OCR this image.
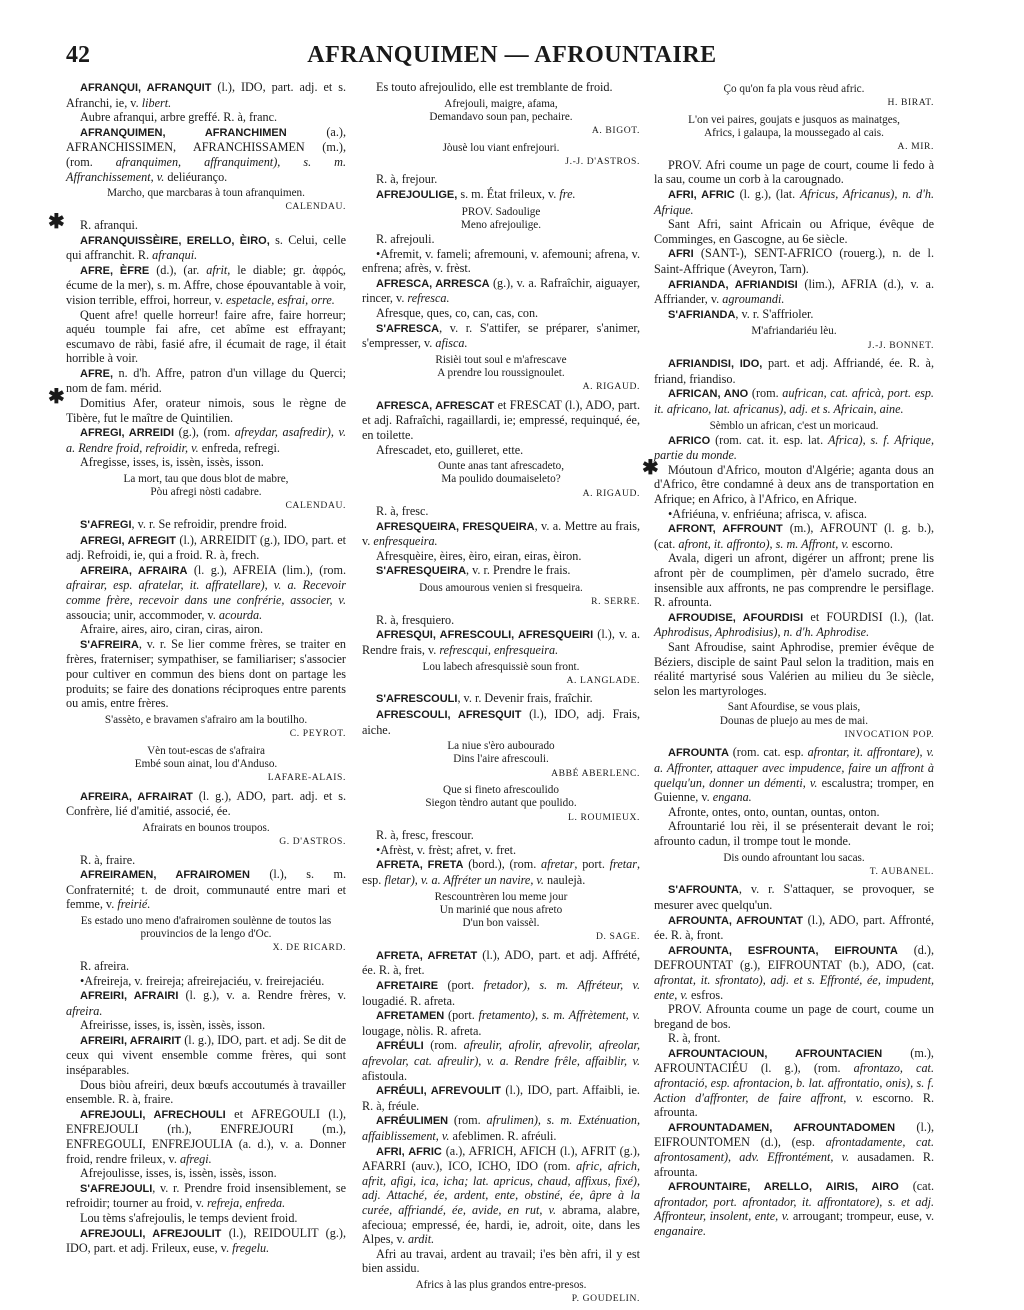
42	AFRANQUIMEN — AFROUNTAIRE
✱
✱
✱
AFRANQUI, AFRANQUIT (l.), IDO, part. adj. et s. Afranchi, ie, v. libert.
Aubre afranqui, arbre greffé. R. à, franc.
AFRANQUIMEN, AFRANCHIMEN (a.), AFRANCHISSIMEN, AFRANCHISSAMEN (m.), (rom. afranquimen, affranquiment), s. m. Affranchissement, v. deliéuranço.
Marcho, que marcbaras à toun afranquimen.
CALENDAU.
R. afranqui.
AFRANQUISSÈIRE, ERELLO, ÈIRO, s. Celui, celle qui affranchit. R. afranqui.
AFRE, ÈFRE (d.), (ar. afrit, le diable; gr. ἀφρός, écume de la mer), s. m. Affre, chose épouvantable à voir, vision terrible, effroi, horreur, v. espetacle, esfrai, orre.
Quent afre! quelle horreur! faire afre, faire horreur; aquéu toumple fai afre, cet abîme est effrayant; escumavo de ràbi, fasié afre, il écumait de rage, il était horrible à voir.
AFRE, n. d'h. Affre, patron d'un village du Querci; nom de fam. mérid.
Domitius Afer, orateur nimois, sous le règne de Tibère, fut le maître de Quintilien.
AFREGI, ARREIDI (g.), (rom. afreydar, asafredir), v. a. Rendre froid, refroidir, v. enfreda, refregi.
Afregisse, isses, is, issèn, issès, isson.
La mort, tau que dous blot de mabre,
Pòu afregi nòsti cadabre.
CALENDAU.
S'AFREGI, v. r. Se refroidir, prendre froid.
AFREGI, AFREGIT (l.), ARREIDIT (g.), IDO, part. et adj. Refroidi, ie, qui a froid. R. à, frech.
AFREIRA, AFRAIRA (l. g.), AFREIA (lim.), (rom. afrairar, esp. afratelar, it. affratellare), v. a. Recevoir comme frère, recevoir dans une confrérie, associer, v. assoucia; unir, accommoder, v. acourda.
Afraire, aires, airo, ciran, ciras, airon.
S'AFREIRA, v. r. Se lier comme frères, se traiter en frères, fraterniser; sympathiser, se familiariser; s'associer pour cultiver en commun des biens dont on partage les produits; se faire des donations réciproques entre parents ou amis, entre frères.
S'assèto, e bravamen s'afrairo am la boutilho.
C. PEYROT.
Vèn tout-escas de s'afraira
Embé soun ainat, lou d'Anduso.
LAFARE-ALAIS.
AFREIRA, AFRAIRAT (l. g.), ADO, part. adj. et s. Confrère, lié d'amitié, associé, ée.
Afrairats en bounos troupos.
G. D'ASTROS.
R. à, fraire.
AFREIRAMEN, AFRAIROMEN (l.), s. m. Confraternité; t. de droit, communauté entre mari et femme, v. freirié.
Es estado uno meno d'afrairomen soulènne de toutos las prouvincios de la lengo d'Oc.
X. DE RICARD.
R. afreira.
•Afreireja, v. freireja; afreirejaciéu, v. freirejaciéu.
AFREIRI, AFRAIRI (l. g.), v. a. Rendre frères, v. afreira.
Afreirisse, isses, is, issèn, issès, isson.
AFREIRI, AFRAIRIT (l. g.), IDO, part. et adj. Se dit de ceux qui vivent ensemble comme frères, qui sont inséparables.
Dous biòu afreiri, deux bœufs accoutumés à travailler ensemble. R. à, fraire.
AFREJOULI, AFRECHOULI et AFREGOULI (l.), ENFREJOULI (rh.), ENFREJOURI (m.), ENFREGOULI, ENFREJOULIA (a. d.), v. a. Donner froid, rendre frileux, v. afregi.
Afrejoulisse, isses, is, issèn, issès, isson.
S'AFREJOULI, v. r. Prendre froid insensiblement, se refroidir; tourner au froid, v. refreja, enfreda.
Lou tèms s'afrejoulis, le temps devient froid.
AFREJOULI, AFREJOULIT (l.), REIDOULIT (g.), IDO, part. et adj. Frileux, euse, v. fregelu.
Es touto afrejoulido, elle est tremblante de froid.
Afrejouli, maigre, afama,
Demandavo soun pan, pechaire.
A. BIGOT.
Jòusè lou viant enfrejouri.
J.-J. D'ASTROS.
R. à, frejour.
AFREJOULIGE, s. m. État frileux, v. fre.
PROV. Sadoulige
Meno afrejoulige.
R. afrejouli.
•Afremit, v. fameli; afremouni, v. afemouni; afrena, v. enfrena; afrès, v. frèst.
AFRESCA, ARRESCA (g.), v. a. Rafraîchir, aiguayer, rincer, v. refresca.
Afresque, ques, co, can, cas, con.
S'AFRESCA, v. r. S'attifer, se préparer, s'animer, s'empresser, v. afisca.
Risièi tout soul e m'afrescave
A prendre lou roussignoulet.
A. RIGAUD.
AFRESCA, AFRESCAT et FRESCAT (l.), ADO, part. et adj. Rafraîchi, ragaillardi, ie; empressé, requinqué, ée, en toilette.
Afrescadet, eto, guilleret, ette.
Ounte anas tant afrescadeto,
Ma poulido doumaiseleto?
A. RIGAUD.
R. à, fresc.
AFRESQUEIRA, FRESQUEIRA, v. a. Mettre au frais, v. enfresqueira.
Afresquèire, èires, èiro, eiran, eiras, èiron.
S'AFRESQUEIRA, v. r. Prendre le frais.
Dous amourous venien si fresqueira.
R. SERRE.
R. à, fresquiero.
AFRESQUI, AFRESCOULI, AFRESQUEIRI (l.), v. a. Rendre frais, v. refrescqui, enfresqueira.
Lou labech afresquissiè soun front.
A. LANGLADE.
S'AFRESCOULI, v. r. Devenir frais, fraîchir.
AFRESCOULI, AFRESQUIT (l.), IDO, adj. Frais, aiche.
La niue s'èro aubourado
Dins l'aire afrescouli.
ABBÉ ABERLENC.
Que si fineto afrescoulido
Siegon tèndro autant que poulido.
L. ROUMIEUX.
R. à, fresc, frescour.
•Afrèst, v. frèst; afret, v. fret.
AFRETA, FRETA (bord.), (rom. afretar, port. fretar, esp. fletar), v. a. Affréter un navire, v. naulejà.
Rescountrèren lou meme jour
Un marinié que nous afreto
D'un bon vaissèl.
D. SAGE.
AFRETA, AFRETAT (l.), ADO, part. et adj. Affrété, ée. R. à, fret.
AFRETAIRE (port. fretador), s. m. Affréteur, v. lougadié. R. afreta.
AFRETAMEN (port. fretamento), s. m. Affrètement, v. lougage, nòlis. R. afreta.
AFRÉULI (rom. afreulir, afrolir, afrevolir, afreolar, afrevolar, cat. afreulir), v. a. Rendre frêle, affaiblir, v. afistoula.
AFRÉULI, AFREVOULIT (l.), IDO, part. Affaibli, ie. R. à, fréule.
AFRÉULIMEN (rom. afrulimen), s. m. Exténuation, affaiblissement, v. afeblimen. R. afréuli.
AFRI, AFRIC (a.), AFRICH, AFICH (l.), AFRIT (g.), AFARRI (auv.), ICO, ICHO, IDO (rom. afric, africh, afrit, afigi, ica, icha; lat. apricus, chaud, affixus, fixé), adj. Attaché, ée, ardent, ente, obstiné, ée, âpre à la curée, affriandé, ée, avide, en rut, v. abrama, alabre, afecioua; empressé, ée, hardi, ie, adroit, oite, dans les Alpes, v. ardit.
Afri au travai, ardent au travail; i'es bèn afri, il y est bien assidu.
Africs à las plus grandos entre-presos.
P. GOUDELIN.
Ço qu'on fa pla vous rèud afric.
H. BIRAT.
L'on vei paires, goujats e jusquos as mainatges,
Africs, i galaupa, la moussegado al cais.
A. MIR.
PROV. Afri coume un page de court, coume li fedo à la sau, coume un corb à la carougnado.
AFRI, AFRIC (l. g.), (lat. Africus, Africanus), n. d'h. Afrique.
Sant Afri, saint Africain ou Afrique, évêque de Comminges, en Gascogne, au 6e siècle.
AFRI (SANT-), SENT-AFRICO (rouerg.), n. de l. Saint-Affrique (Aveyron, Tarn).
AFRIANDA, AFRIANDISI (lim.), AFRIA (d.), v. a. Affriander, v. agroumandi.
S'AFRIANDA, v. r. S'affrioler.
M'afriandariéu lèu.
J.-J. BONNET.
AFRIANDISI, IDO, part. et adj. Affriandé, ée. R. à, friand, friandiso.
AFRICAN, ANO (rom. aufrican, cat. africà, port. esp. it. africano, lat. africanus), adj. et s. Africain, aine.
Sèmblo un african, c'est un moricaud.
AFRICO (rom. cat. it. esp. lat. Africa), s. f. Afrique, partie du monde.
Móutoun d'Africo, mouton d'Algérie; aganta dous an d'Africo, être condamné à deux ans de transportation en Afrique; en Africo, à l'Africo, en Afrique.
•Afriéuna, v. enfriéuna; afrisca, v. afisca.
AFRONT, AFFROUNT (m.), AFROUNT (l. g. b.), (cat. afront, it. affronto), s. m. Affront, v. escorno.
Avala, digeri un afront, digérer un affront; prene lis afront pèr de coumplimen, pèr d'amelo sucrado, être insensible aux affronts, ne pas comprendre le persiflage. R. afrounta.
AFROUDISE, AFOURDISI et FOURDISI (l.), (lat. Aphrodisus, Aphrodisius), n. d'h. Aphrodise.
Sant Afroudise, saint Aphrodise, premier évêque de Béziers, disciple de saint Paul selon la tradition, mais en réalité martyrisé sous Valérien au milieu du 3e siècle, selon les martyrologes.
Sant Afourdise, se vous plais,
Dounas de pluejo au mes de mai.
INVOCATION POP.
AFROUNTA (rom. cat. esp. afrontar, it. affrontare), v. a. Affronter, attaquer avec impudence, faire un affront à quelqu'un, donner un démenti, v. escalustra; tromper, en Guienne, v. engana.
Afronte, ontes, onto, ountan, ountas, onton.
Afrountarié lou rèi, il se présenterait devant le roi; afrounto cadun, il trompe tout le monde.
Dis oundo afrountant lou sacas.
T. AUBANEL.
S'AFROUNTA, v. r. S'attaquer, se provoquer, se mesurer avec quelqu'un.
AFROUNTA, AFROUNTAT (l.), ADO, part. Affronté, ée. R. à, front.
AFROUNTA, ESFROUNTA, EIFROUNTA (d.), DEFROUNTAT (g.), EIFROUNTAT (b.), ADO, (cat. afrontat, it. sfrontato), adj. et s. Effronté, ée, impudent, ente, v. esfros.
PROV. Afrounta coume un page de court, coume un bregand de bos.
R. à, front.
AFROUNTACIOUN, AFROUNTACIEN (m.), AFROUNTACIÉU (l. g.), (rom. afrontazo, cat. afrontació, esp. afrontacion, b. lat. affrontatio, onis), s. f. Action d'affronter, de faire affront, v. escorno. R. afrounta.
AFROUNTADAMEN, AFROUNTADOMEN (l.), EIFROUNTOMEN (d.), (esp. afrontadamente, cat. afrontosament), adv. Effrontément, v. ausadamen. R. afrounta.
AFROUNTAIRE, ARELLO, AIRIS, AIRO (cat. afrontador, port. afrontador, it. affrontatore), s. et adj. Affronteur, insolent, ente, v. arrougant; trompeur, euse, v. enganaire.
